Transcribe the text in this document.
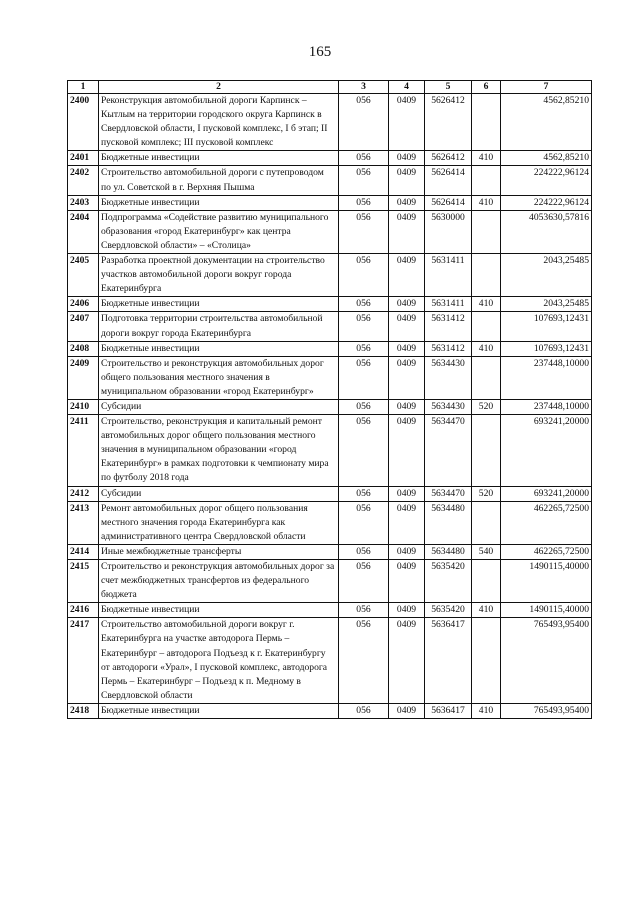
165
1	2	3	4	5	6	7
2400	Реконструкция автомобильной дороги Карпинск – Кытлым на территории городского округа Карпинск в Свердловской области, I пусковой комплекс, I б этап; II пусковой комплекс; III пусковой комплекс	056	0409	5626412		4562,85210
2401	Бюджетные инвестиции	056	0409	5626412	410	4562,85210
2402	Строительство автомобильной дороги с путепроводом по ул. Советской в г. Верхняя Пышма	056	0409	5626414		224222,96124
2403	Бюджетные инвестиции	056	0409	5626414	410	224222,96124
2404	Подпрограмма «Содействие развитию муниципального образования «город Екатеринбург» как центра Свердловской области» – «Столица»	056	0409	5630000		4053630,57816
2405	Разработка проектной документации на строительство участков автомобильной дороги вокруг города Екатеринбурга	056	0409	5631411		2043,25485
2406	Бюджетные инвестиции	056	0409	5631411	410	2043,25485
2407	Подготовка территории строительства автомобильной дороги вокруг города Екатеринбурга	056	0409	5631412		107693,12431
2408	Бюджетные инвестиции	056	0409	5631412	410	107693,12431
2409	Строительство и реконструкция автомобильных дорог общего пользования местного значения в муниципальном образовании «город Екатеринбург»	056	0409	5634430		237448,10000
2410	Субсидии	056	0409	5634430	520	237448,10000
2411	Строительство, реконструкция и капитальный ремонт автомобильных дорог общего пользования местного значения в муниципальном образовании «город Екатеринбург» в рамках подготовки к чемпионату мира по футболу 2018 года	056	0409	5634470		693241,20000
2412	Субсидии	056	0409	5634470	520	693241,20000
2413	Ремонт автомобильных дорог общего пользования местного значения города Екатеринбурга как административного центра Свердловской области	056	0409	5634480		462265,72500
2414	Иные межбюджетные трансферты	056	0409	5634480	540	462265,72500
2415	Строительство и реконструкция автомобильных дорог за счет межбюджетных трансфертов из федерального бюджета	056	0409	5635420		1490115,40000
2416	Бюджетные инвестиции	056	0409	5635420	410	1490115,40000
2417	Строительство автомобильной дороги вокруг г. Екатеринбурга на участке автодорога Пермь – Екатеринбург – автодорога Подъезд к г. Екатеринбургу от автодороги «Урал», I пусковой комплекс, автодорога Пермь – Екатеринбург – Подъезд к п. Медному в Свердловской области	056	0409	5636417		765493,95400
2418	Бюджетные инвестиции	056	0409	5636417	410	765493,95400
